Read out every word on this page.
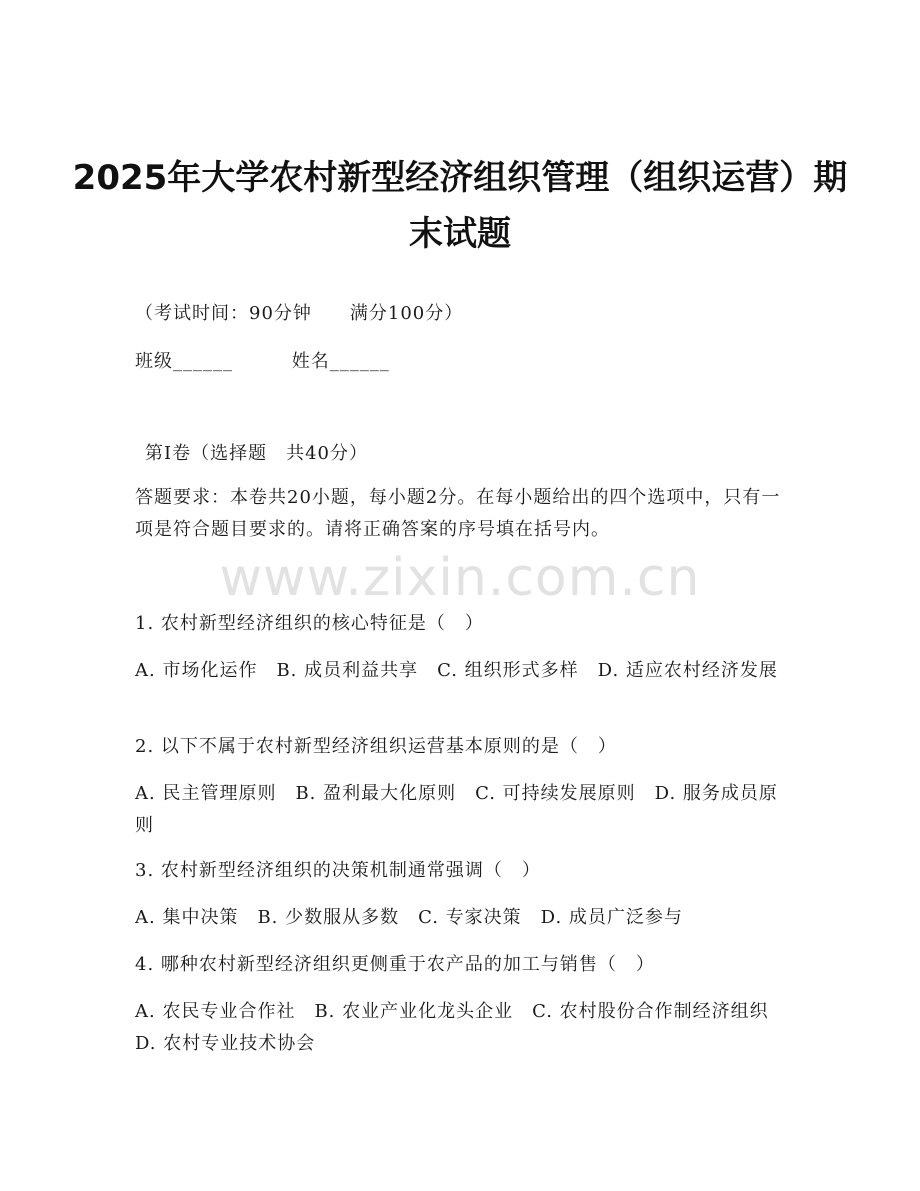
2025年大学农村新型经济组织管理（组织运营）期末试题
（考试时间：90分钟　　满分100分）
班级______	姓名______
第Ⅰ卷（选择题　共40分）
答题要求：本卷共20小题，每小题2分。在每小题给出的四个选项中，只有一项是符合题目要求的。请将正确答案的序号填在括号内。
www.zixin.com.cn
1. 农村新型经济组织的核心特征是（　）
A. 市场化运作　B. 成员利益共享　C. 组织形式多样　D. 适应农村经济发展
2. 以下不属于农村新型经济组织运营基本原则的是（　）
A. 民主管理原则　B. 盈利最大化原则　C. 可持续发展原则　D. 服务成员原则
3. 农村新型经济组织的决策机制通常强调（　）
A. 集中决策　B. 少数服从多数　C. 专家决策　D. 成员广泛参与
4. 哪种农村新型经济组织更侧重于农产品的加工与销售（　）
A. 农民专业合作社　B. 农业产业化龙头企业　C. 农村股份合作制经济组织　D. 农村专业技术协会
